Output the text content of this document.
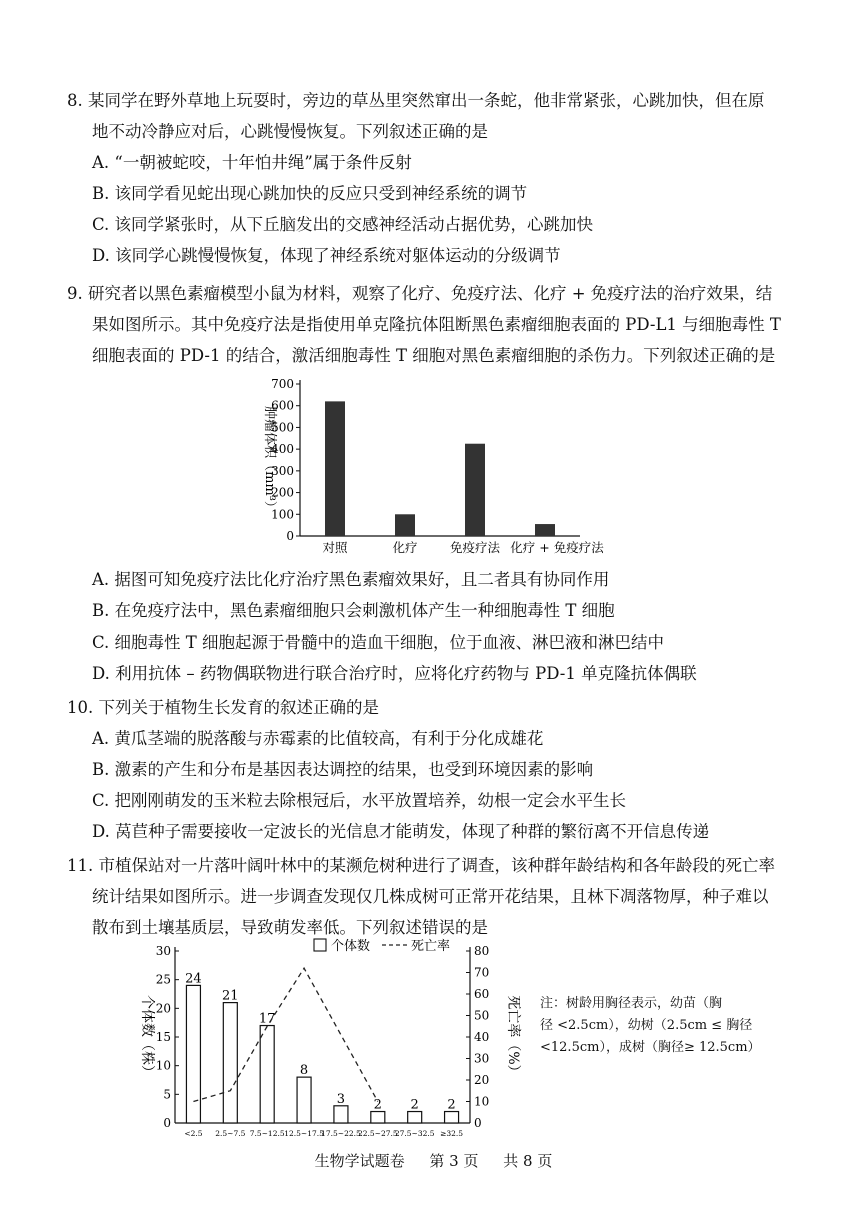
8. 某同学在野外草地上玩耍时，旁边的草丛里突然窜出一条蛇，他非常紧张，心跳加快，但在原
地不动冷静应对后，心跳慢慢恢复。下列叙述正确的是
A. “一朝被蛇咬，十年怕井绳”属于条件反射
B. 该同学看见蛇出现心跳加快的反应只受到神经系统的调节
C. 该同学紧张时，从下丘脑发出的交感神经活动占据优势，心跳加快
D. 该同学心跳慢慢恢复，体现了神经系统对躯体运动的分级调节
9. 研究者以黑色素瘤模型小鼠为材料，观察了化疗、免疫疗法、化疗 + 免疫疗法的治疗效果，结
果如图所示。其中免疫疗法是指使用单克隆抗体阻断黑色素瘤细胞表面的 PD-L1 与细胞毒性 T
细胞表面的 PD-1 的结合，激活细胞毒性 T 细胞对黑色素瘤细胞的杀伤力。下列叙述正确的是
0
100
200
300
400
500
600
700
对照	化疗	免疫疗法 化疗 + 免疫疗法
肿瘤体积（mm³）
A. 据图可知免疫疗法比化疗治疗黑色素瘤效果好，且二者具有协同作用
B. 在免疫疗法中，黑色素瘤细胞只会刺激机体产生一种细胞毒性 T 细胞
C. 细胞毒性 T 细胞起源于骨髓中的造血干细胞，位于血液、淋巴液和淋巴结中
D. 利用抗体 – 药物偶联物进行联合治疗时，应将化疗药物与 PD-1 单克隆抗体偶联
10. 下列关于植物生长发育的叙述正确的是
A. 黄瓜茎端的脱落酸与赤霉素的比值较高，有利于分化成雄花
B. 激素的产生和分布是基因表达调控的结果，也受到环境因素的影响
C. 把刚刚萌发的玉米粒去除根冠后，水平放置培养，幼根一定会水平生长
D. 莴苣种子需要接收一定波长的光信息才能萌发，体现了种群的繁衍离不开信息传递
11. 市植保站对一片落叶阔叶林中的某濒危树种进行了调查，该种群年龄结构和各年龄段的死亡率
统计结果如图所示。进一步调查发现仅几株成树可正常开花结果，且林下凋落物厚，种子难以
散布到土壤基质层，导致萌发率低。下列叙述错误的是
0
5
10
15
20
25
30
0
10
20
30
40
50
60
70
80
24
<2.5
21
2.5~7.5
17
7.5~12.5
8
12.5~17.5
3
17.5~22.5
2
22.5~27.5
2
27.5~32.5
2
≥32.5
个体数（株）	死亡率（%）
个体数	死亡率
注：树龄用胸径表示，幼苗（胸
径 <2.5cm），幼树（2.5cm ≤ 胸径
<12.5cm），成树（胸径≥ 12.5cm）
生物学试题卷 第 3 页 共 8 页
